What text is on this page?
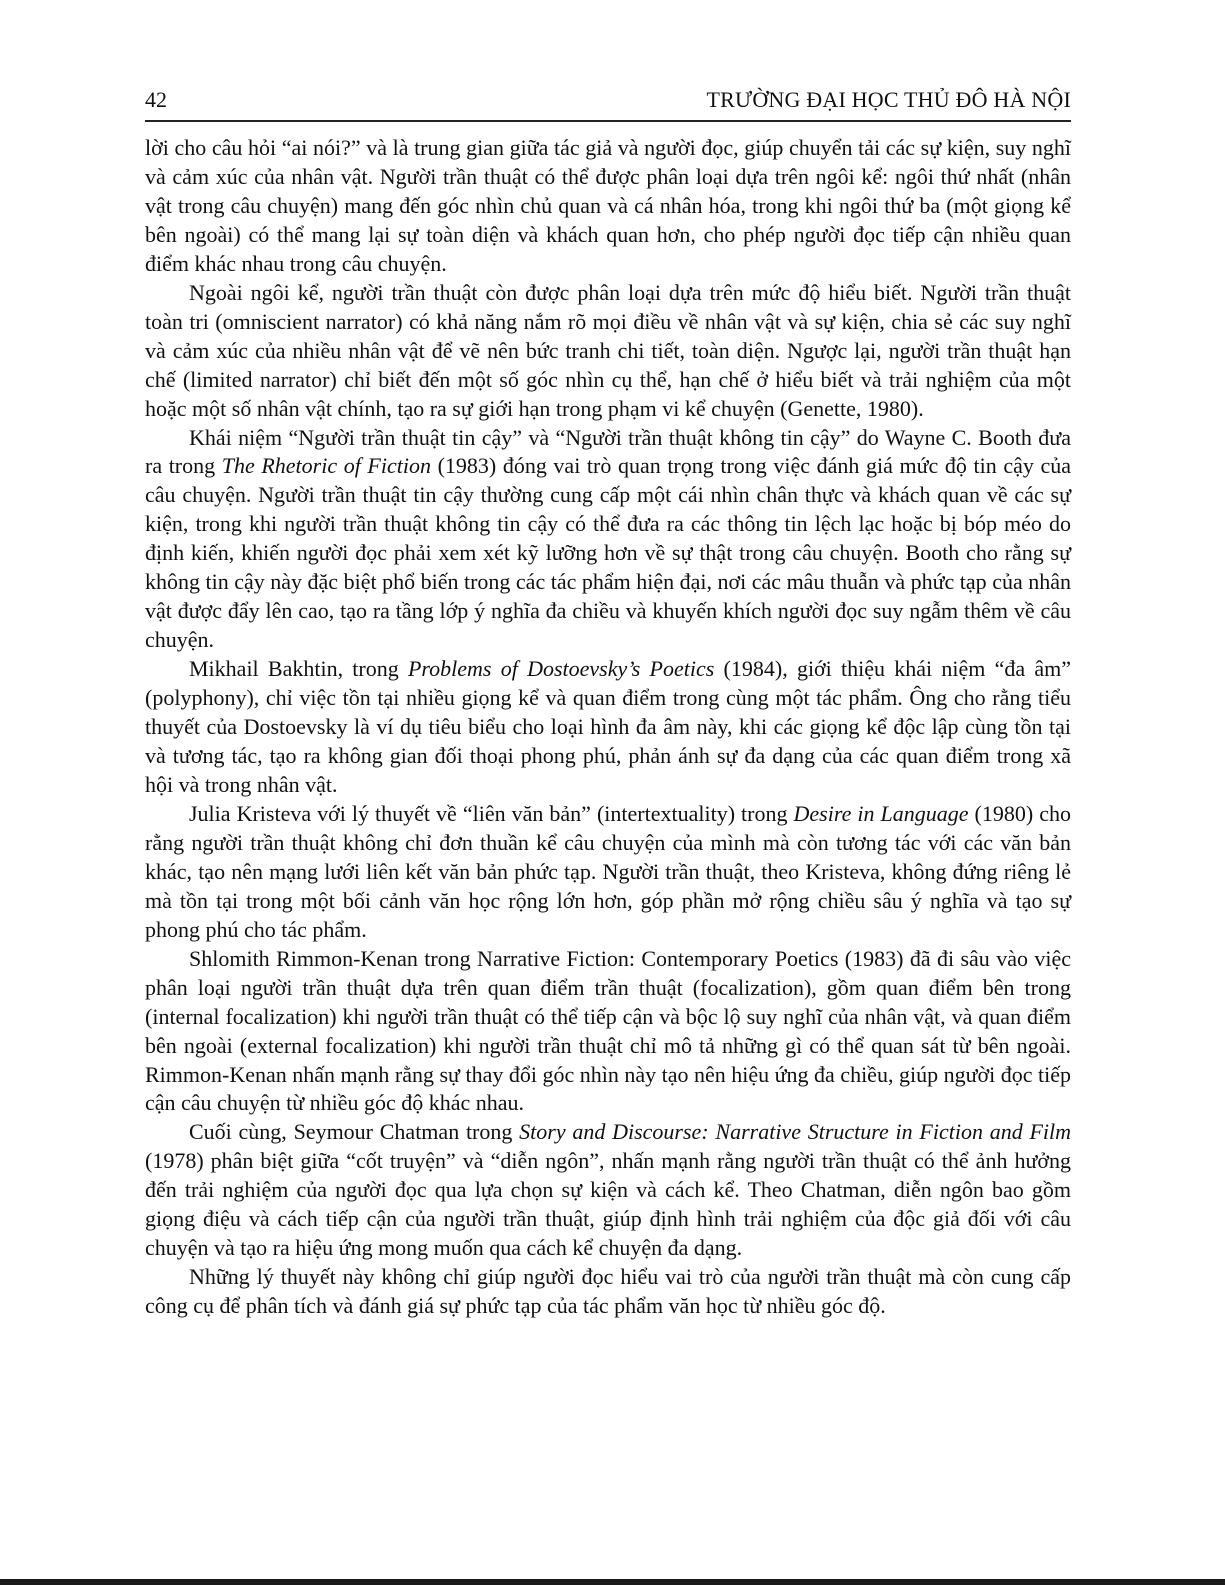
42	TRƯỜNG ĐẠI HỌC THỦ ĐÔ HÀ NỘI

lời cho câu hỏi “ai nói?” và là trung gian giữa tác giả và người đọc, giúp chuyển tải các sự kiện, suy nghĩ và cảm xúc của nhân vật. Người trần thuật có thể được phân loại dựa trên ngôi kể: ngôi thứ nhất (nhân vật trong câu chuyện) mang đến góc nhìn chủ quan và cá nhân hóa, trong khi ngôi thứ ba (một giọng kể bên ngoài) có thể mang lại sự toàn diện và khách quan hơn, cho phép người đọc tiếp cận nhiều quan điểm khác nhau trong câu chuyện.

Ngoài ngôi kể, người trần thuật còn được phân loại dựa trên mức độ hiểu biết. Người trần thuật toàn tri (omniscient narrator) có khả năng nắm rõ mọi điều về nhân vật và sự kiện, chia sẻ các suy nghĩ và cảm xúc của nhiều nhân vật để vẽ nên bức tranh chi tiết, toàn diện. Ngược lại, người trần thuật hạn chế (limited narrator) chỉ biết đến một số góc nhìn cụ thể, hạn chế ở hiểu biết và trải nghiệm của một hoặc một số nhân vật chính, tạo ra sự giới hạn trong phạm vi kể chuyện (Genette, 1980).

Khái niệm “Người trần thuật tin cậy” và “Người trần thuật không tin cậy” do Wayne C. Booth đưa ra trong The Rhetoric of Fiction (1983) đóng vai trò quan trọng trong việc đánh giá mức độ tin cậy của câu chuyện. Người trần thuật tin cậy thường cung cấp một cái nhìn chân thực và khách quan về các sự kiện, trong khi người trần thuật không tin cậy có thể đưa ra các thông tin lệch lạc hoặc bị bóp méo do định kiến, khiến người đọc phải xem xét kỹ lưỡng hơn về sự thật trong câu chuyện. Booth cho rằng sự không tin cậy này đặc biệt phổ biến trong các tác phẩm hiện đại, nơi các mâu thuẫn và phức tạp của nhân vật được đẩy lên cao, tạo ra tầng lớp ý nghĩa đa chiều và khuyến khích người đọc suy ngẫm thêm về câu chuyện.

Mikhail Bakhtin, trong Problems of Dostoevsky’s Poetics (1984), giới thiệu khái niệm “đa âm” (polyphony), chỉ việc tồn tại nhiều giọng kể và quan điểm trong cùng một tác phẩm. Ông cho rằng tiểu thuyết của Dostoevsky là ví dụ tiêu biểu cho loại hình đa âm này, khi các giọng kể độc lập cùng tồn tại và tương tác, tạo ra không gian đối thoại phong phú, phản ánh sự đa dạng của các quan điểm trong xã hội và trong nhân vật.

Julia Kristeva với lý thuyết về “liên văn bản” (intertextuality) trong Desire in Language (1980) cho rằng người trần thuật không chỉ đơn thuần kể câu chuyện của mình mà còn tương tác với các văn bản khác, tạo nên mạng lưới liên kết văn bản phức tạp. Người trần thuật, theo Kristeva, không đứng riêng lẻ mà tồn tại trong một bối cảnh văn học rộng lớn hơn, góp phần mở rộng chiều sâu ý nghĩa và tạo sự phong phú cho tác phẩm.

Shlomith Rimmon-Kenan trong Narrative Fiction: Contemporary Poetics (1983) đã đi sâu vào việc phân loại người trần thuật dựa trên quan điểm trần thuật (focalization), gồm quan điểm bên trong (internal focalization) khi người trần thuật có thể tiếp cận và bộc lộ suy nghĩ của nhân vật, và quan điểm bên ngoài (external focalization) khi người trần thuật chỉ mô tả những gì có thể quan sát từ bên ngoài. Rimmon-Kenan nhấn mạnh rằng sự thay đổi góc nhìn này tạo nên hiệu ứng đa chiều, giúp người đọc tiếp cận câu chuyện từ nhiều góc độ khác nhau.

Cuối cùng, Seymour Chatman trong Story and Discourse: Narrative Structure in Fiction and Film (1978) phân biệt giữa “cốt truyện” và “diễn ngôn”, nhấn mạnh rằng người trần thuật có thể ảnh hưởng đến trải nghiệm của người đọc qua lựa chọn sự kiện và cách kể. Theo Chatman, diễn ngôn bao gồm giọng điệu và cách tiếp cận của người trần thuật, giúp định hình trải nghiệm của độc giả đối với câu chuyện và tạo ra hiệu ứng mong muốn qua cách kể chuyện đa dạng.

Những lý thuyết này không chỉ giúp người đọc hiểu vai trò của người trần thuật mà còn cung cấp công cụ để phân tích và đánh giá sự phức tạp của tác phẩm văn học từ nhiều góc độ.
